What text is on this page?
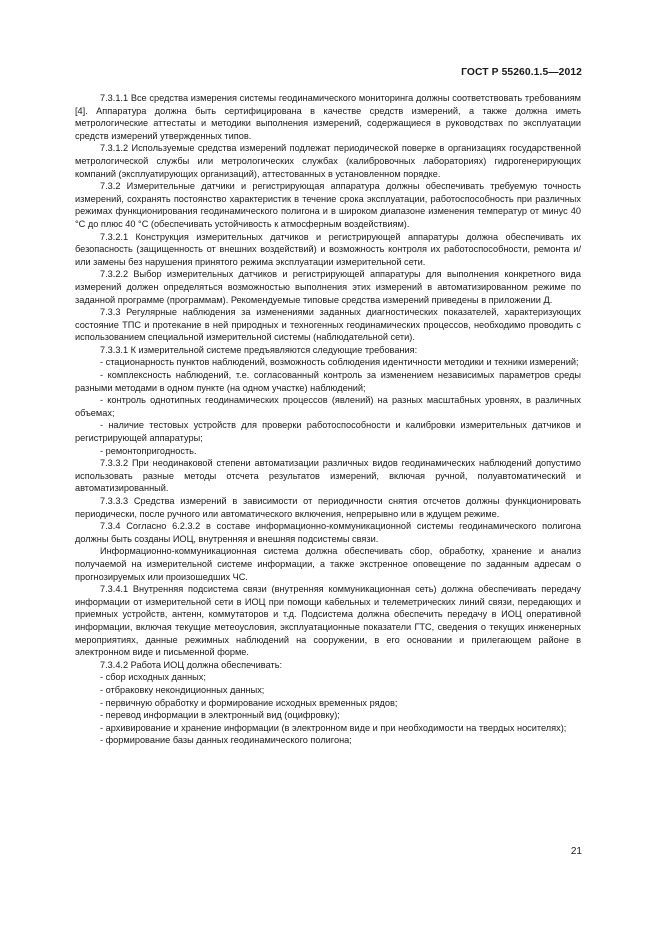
ГОСТ Р 55260.1.5—2012

7.3.1.1 Все средства измерения системы геодинамического мониторинга должны соответствовать требованиям [4]. Аппаратура должна быть сертифицирована в качестве средств измерений, а также должна иметь метрологические аттестаты и методики выполнения измерений, содержащиеся в руководствах по эксплуатации средств измерений утвержденных типов.

7.3.1.2 Используемые средства измерений подлежат периодической поверке в организациях государственной метрологической службы или метрологических службах (калибровочных лабораториях) гидрогенерирующих компаний (эксплуатирующих организаций), аттестованных в установленном порядке.

7.3.2 Измерительные датчики и регистрирующая аппаратура должны обеспечивать требуемую точность измерений, сохранять постоянство характеристик в течение срока эксплуатации, работоспособность при различных режимах функционирования геодинамического полигона и в широком диапазоне изменения температур от минус 40 °С до плюс 40 °С (обеспечивать устойчивость к атмосферным воздействиям).

7.3.2.1 Конструкция измерительных датчиков и регистрирующей аппаратуры должна обеспечивать их безопасность (защищенность от внешних воздействий) и возможность контроля их работоспособности, ремонта и/или замены без нарушения принятого режима эксплуатации измерительной сети.

7.3.2.2 Выбор измерительных датчиков и регистрирующей аппаратуры для выполнения конкретного вида измерений должен определяться возможностью выполнения этих измерений в автоматизированном режиме по заданной программе (программам). Рекомендуемые типовые средства измерений приведены в приложении Д.

7.3.3 Регулярные наблюдения за изменениями заданных диагностических показателей, характеризующих состояние ТПС и протекание в ней природных и техногенных геодинамических процессов, необходимо проводить с использованием специальной измерительной системы (наблюдательной сети).

7.3.3.1 К измерительной системе предъявляются следующие требования:

- стационарность пунктов наблюдений, возможность соблюдения идентичности методики и техники измерений;

- комплексность наблюдений, т.е. согласованный контроль за изменением независимых параметров среды разными методами в одном пункте (на одном участке) наблюдений;

- контроль однотипных геодинамических процессов (явлений) на разных масштабных уровнях, в различных объемах;

- наличие тестовых устройств для проверки работоспособности и калибровки измерительных датчиков и регистрирующей аппаратуры;

- ремонтопригодность.

7.3.3.2 При неодинаковой степени автоматизации различных видов геодинамических наблюдений допустимо использовать разные методы отсчета результатов измерений, включая ручной, полуавтоматический и автоматизированный.

7.3.3.3 Средства измерений в зависимости от периодичности снятия отсчетов должны функционировать периодически, после ручного или автоматического включения, непрерывно или в ждущем режиме.

7.3.4 Согласно 6.2.3.2 в составе информационно-коммуникационной системы геодинамического полигона должны быть созданы ИОЦ, внутренняя и внешняя подсистемы связи.

Информационно-коммуникационная система должна обеспечивать сбор, обработку, хранение и анализ получаемой на измерительной системе информации, а также экстренное оповещение по заданным адресам о прогнозируемых или произошедших ЧС.

7.3.4.1 Внутренняя подсистема связи (внутренняя коммуникационная сеть) должна обеспечивать передачу информации от измерительной сети в ИОЦ при помощи кабельных и телеметрических линий связи, передающих и приемных устройств, антенн, коммутаторов и т.д. Подсистема должна обеспечить передачу в ИОЦ оперативной информации, включая текущие метеоусловия, эксплуатационные показатели ГТС, сведения о текущих инженерных мероприятиях, данные режимных наблюдений на сооружении, в его основании и прилегающем районе в электронном виде и письменной форме.

7.3.4.2 Работа ИОЦ должна обеспечивать:

- сбор исходных данных;

- отбраковку некондиционных данных;

- первичную обработку и формирование исходных временных рядов;

- перевод информации в электронный вид (оцифровку);

- архивирование и хранение информации (в электронном виде и при необходимости на твердых носителях);

- формирование базы данных геодинамического полигона;

21
